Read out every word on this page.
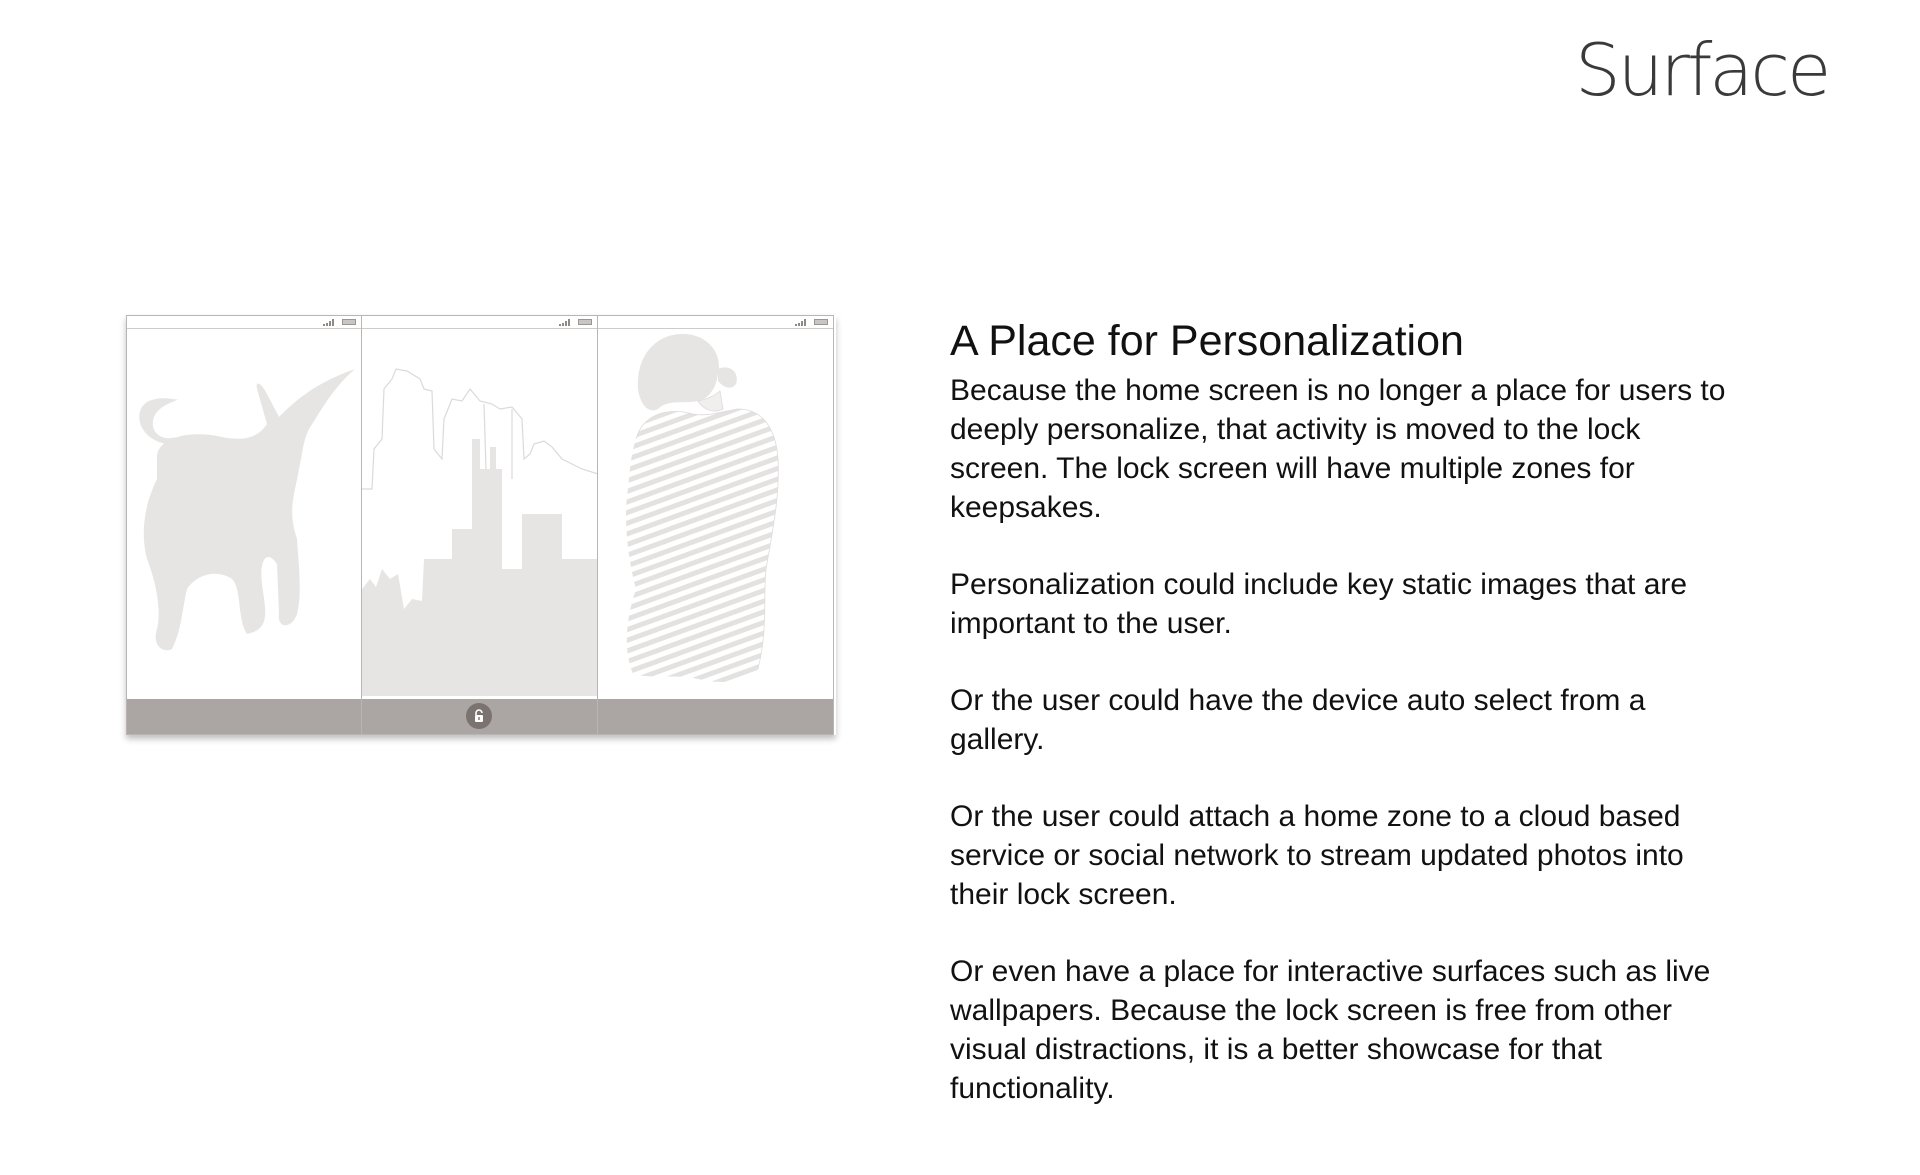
Surface
A Place for Personalization

Because the home screen is no longer a place for users to deeply personalize, that activity is moved to the lock screen. The lock screen will have multiple zones for keepsakes.

Personalization could include key static images that are important to the user.

Or the user could have the device auto select from a gallery.

Or the user could attach a home zone to a cloud based service or social network to stream updated photos into their lock screen.

Or even have a place for interactive surfaces such as live wallpapers. Because the lock screen is free from other visual distractions, it is a better showcase for that functionality.
